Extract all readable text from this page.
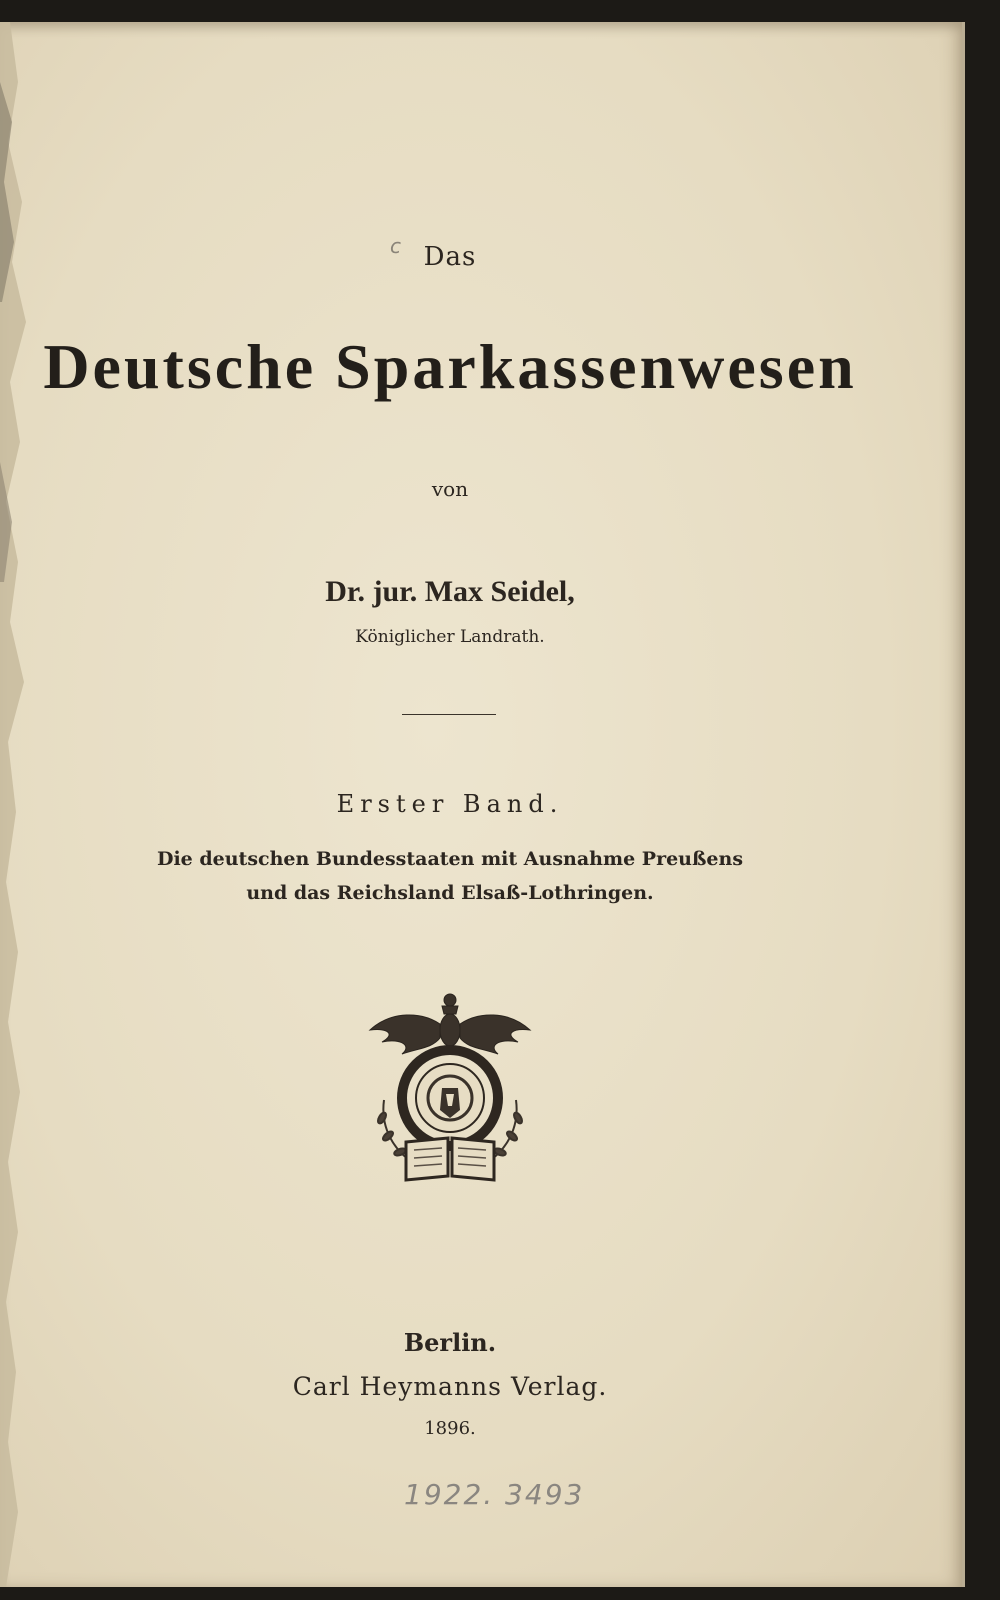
c Das
Deutsche Sparkassenwesen
von
Dr. jur. Max Seidel,
Königlicher Landrath.
Erster Band.
Die deutschen Bundesstaaten mit Ausnahme Preußens
und das Reichsland Elsaß-Lothringen.
Berlin.
Carl Heymanns Verlag.
1896.
1922. 3493
